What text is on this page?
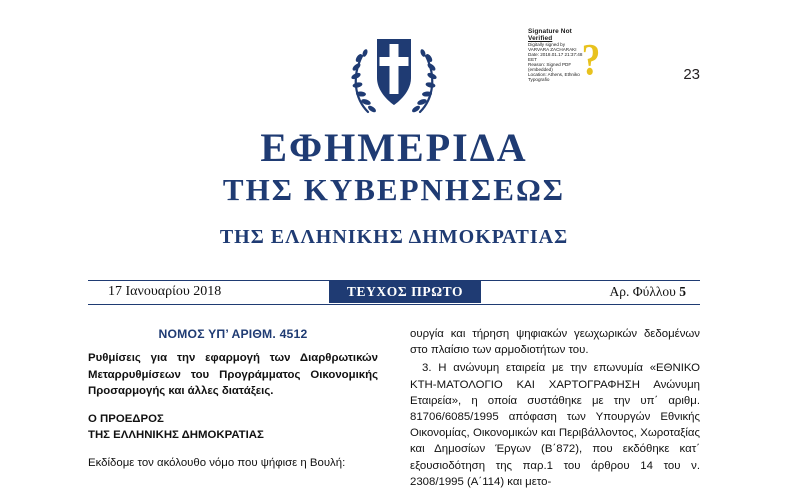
Signature Not
Verified
Digitally signed by
VARVARA ZACHARAKI
Date: 2018.01.17 21:37:48
EET
Reason: Signed PDF
(embedded)
Location: Athens, Ethniko
Typografio ?	23
ΕΦΗΜΕΡΙΔΑ
ΤΗΣ ΚΥΒΕΡΝΗΣΕΩΣ
ΤΗΣ ΕΛΛΗΝΙΚΗΣ ΔΗΜΟΚΡΑΤΙΑΣ
17 Ιανουαρίου 2018	ΤΕΥΧΟΣ ΠΡΩΤΟ	Αρ. Φύλλου 5
ΝΟΜΟΣ ΥΠ’ ΑΡΙΘΜ. 4512
Ρυθμίσεις για την εφαρμογή των Διαρθρωτικών Μεταρρυθμίσεων του Προγράμματος Οικονομικής Προσαρμογής και άλλες διατάξεις.
Ο ΠΡΟΕΔΡΟΣ
ΤΗΣ ΕΛΛΗΝΙΚΗΣ ΔΗΜΟΚΡΑΤΙΑΣ
Εκδίδομε τον ακόλουθο νόμο που ψήφισε η Βουλή:
ουργία και τήρηση ψηφιακών γεωχωρικών δεδομένων στο πλαίσιο των αρμοδιοτήτων του.
3. Η ανώνυμη εταιρεία με την επωνυμία «ΕΘΝΙΚΟ ΚΤΗ-ΜΑΤΟΛΟΓΙΟ ΚΑΙ ΧΑΡΤΟΓΡΑΦΗΣΗ Ανώνυμη Εταιρεία», η οποία συστάθηκε με την υπ΄ αριθμ. 81706/6085/1995 απόφαση των Υπουργών Εθνικής Οικονομίας, Οικονομικών και Περιβάλλοντος, Χωροταξίας και Δημοσίων Έργων (Β΄872), που εκδόθηκε κατ΄ εξουσιοδότηση της παρ.1 του άρθρου 14 του ν. 2308/1995 (Α΄114) και μετο-
